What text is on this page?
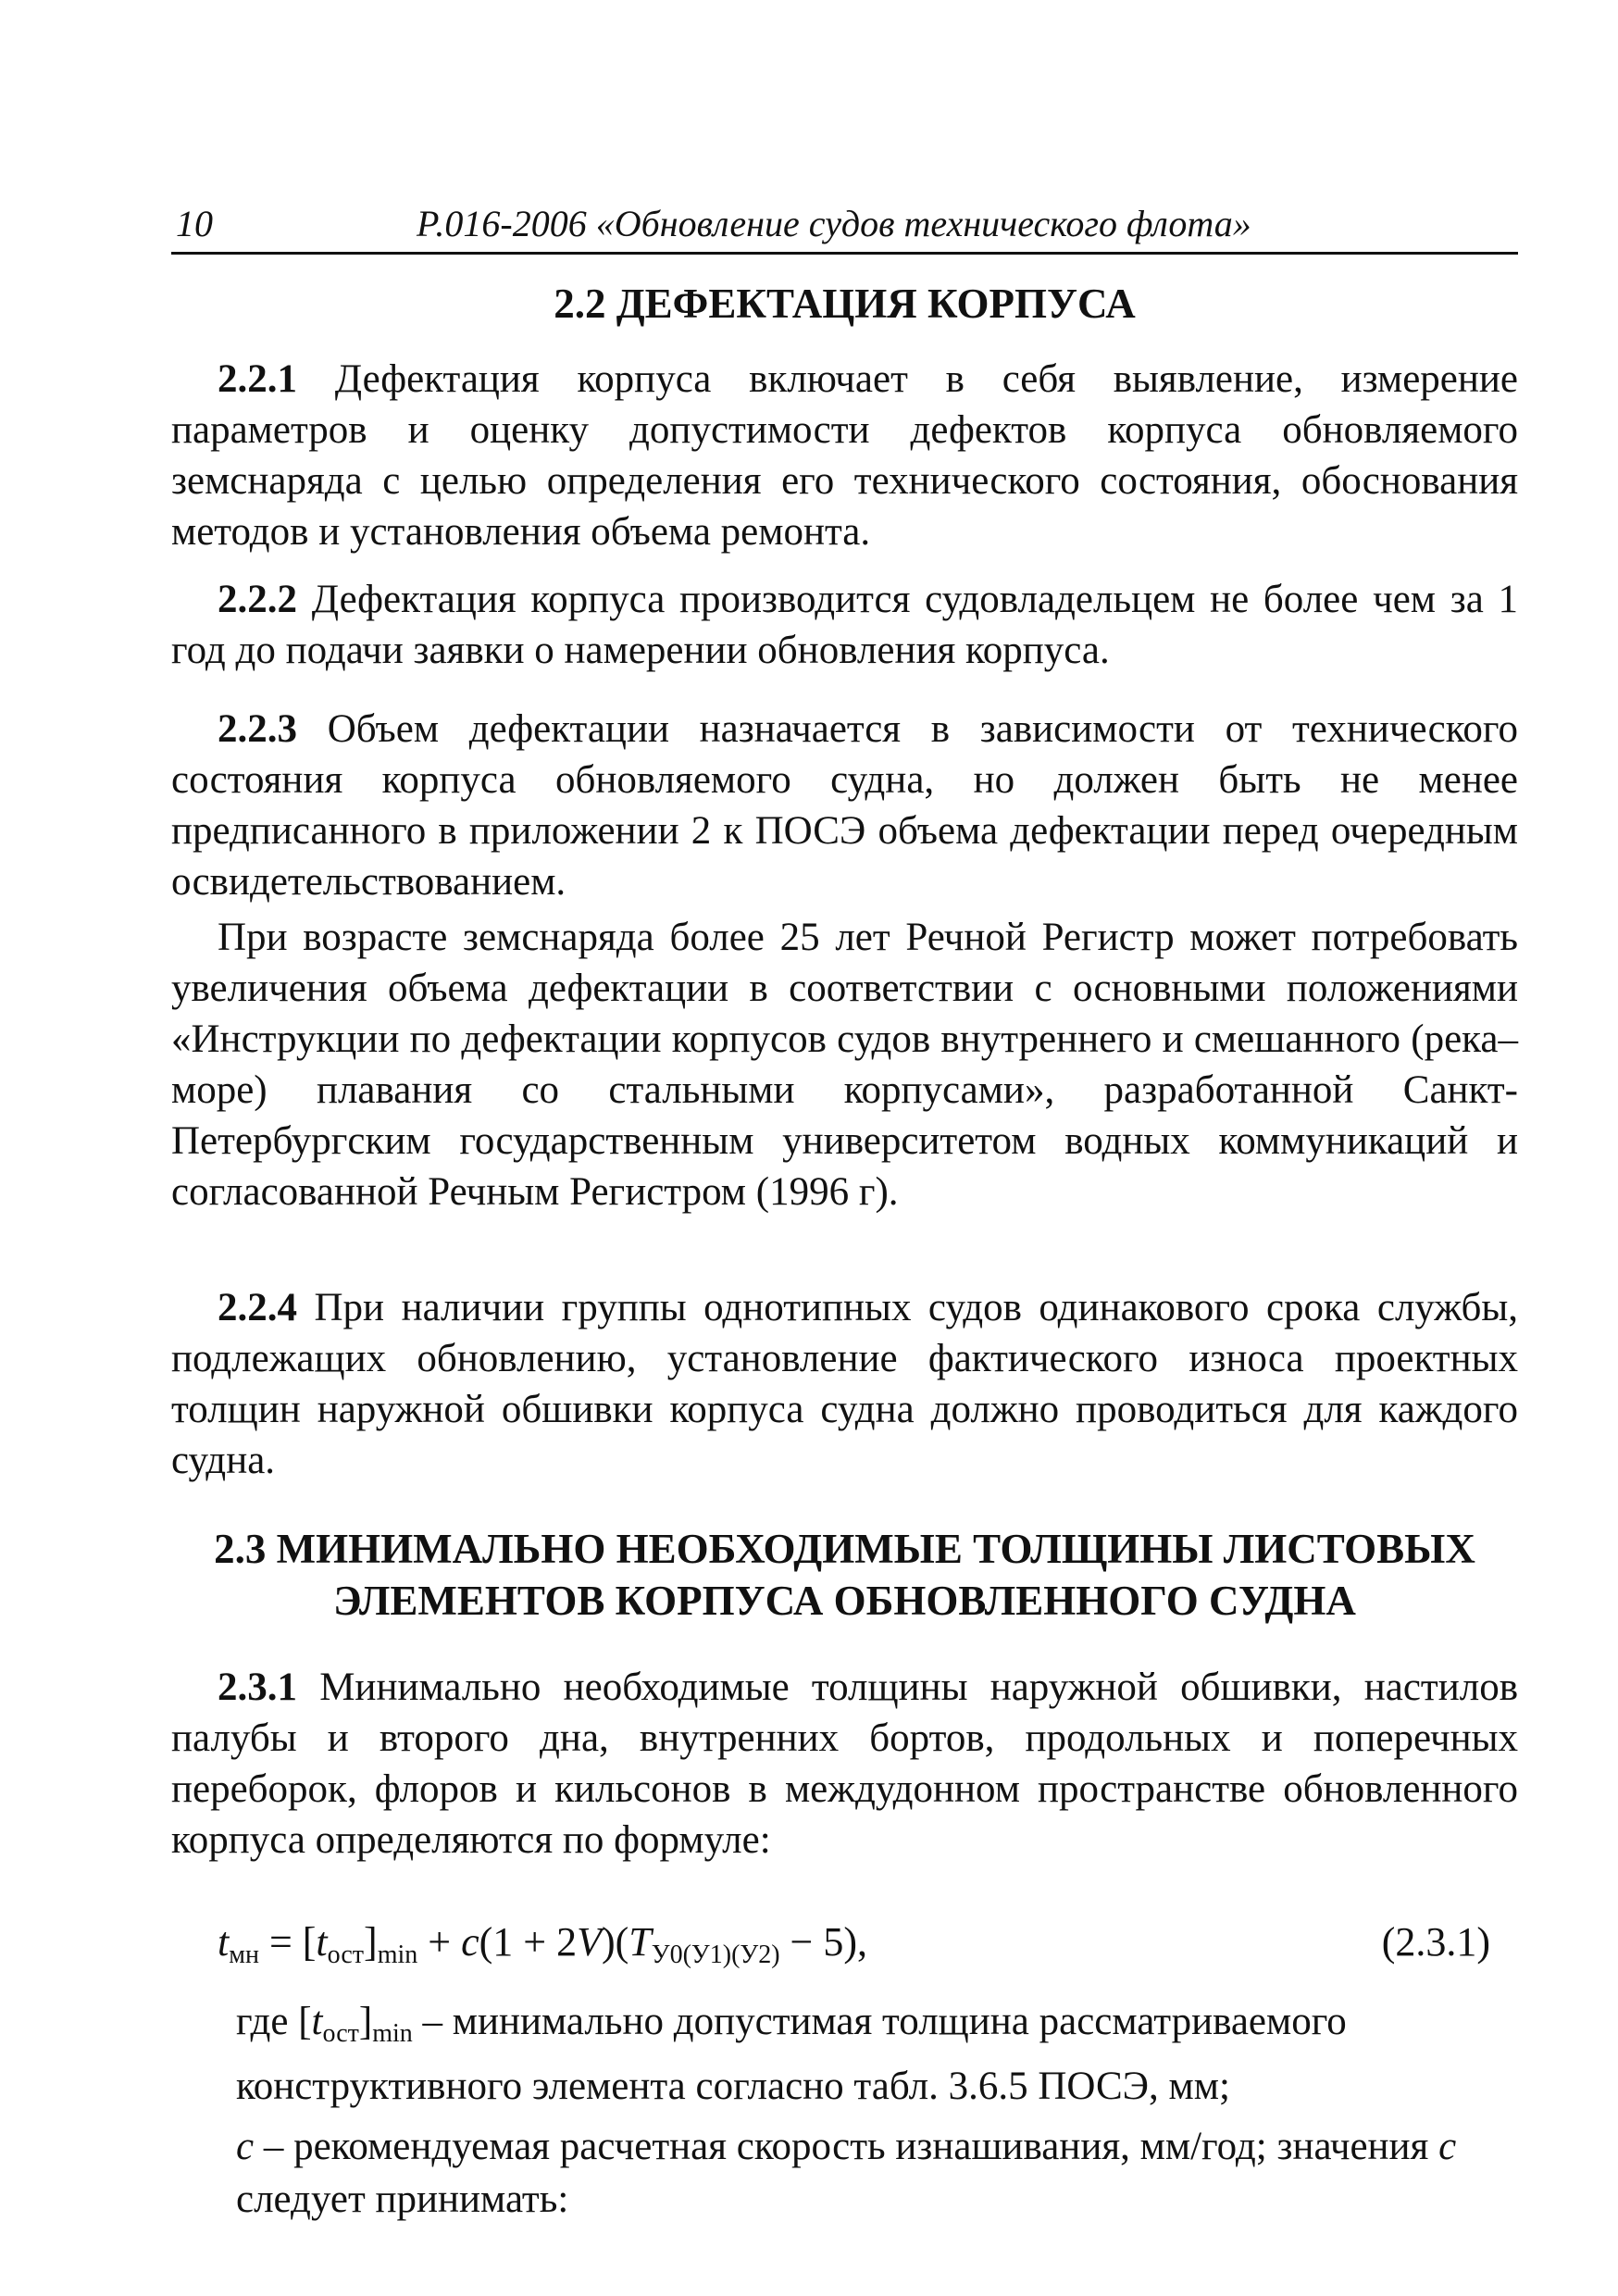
10	Р.016-2006 «Обновление судов технического флота»
2.2 ДЕФЕКТАЦИЯ КОРПУСА

2.2.1 Дефектация корпуса включает в себя выявление, измерение параметров и оценку допустимости дефектов корпуса обновляемого земснаряда с целью определения его технического состояния, обоснования методов и установления объема ремонта.

2.2.2 Дефектация корпуса производится судовладельцем не более чем за 1 год до подачи заявки о намерении обновления корпуса.

2.2.3 Объем дефектации назначается в зависимости от технического состояния корпуса обновляемого судна, но должен быть не менее предписанного в приложении 2 к ПОСЭ объема дефектации перед очередным освидетельствованием.

При возрасте земснаряда более 25 лет Речной Регистр может потребовать увеличения объема дефектации в соответствии с основными положениями «Инструкции по дефектации корпусов судов внутреннего и смешанного (река–море) плавания со стальными корпусами», разработанной Санкт-Петербургским государственным университетом водных коммуникаций и согласованной Речным Регистром (1996 г).

2.2.4 При наличии группы однотипных судов одинакового срока службы, подлежащих обновлению, установление фактического износа проектных толщин наружной обшивки корпуса судна должно проводиться для каждого судна.

2.3 МИНИМАЛЬНО НЕОБХОДИМЫЕ ТОЛЩИНЫ ЛИСТОВЫХ
ЭЛЕМЕНТОВ КОРПУСА ОБНОВЛЕННОГО СУДНА

2.3.1 Минимально необходимые толщины наружной обшивки, настилов палубы и второго дна, внутренних бортов, продольных и поперечных переборок, флоров и кильсонов в междудонном пространстве обновленного корпуса определяются по формуле:

$t_{мн} = [t_{ост}]_{min} + c(1 + 2V)(T_{У0(У1)(У2)} - 5)$,	(2.3.1)
где $[t_{ост}]_{min}$ – минимально допустимая толщина рассматриваемого конструктивного элемента согласно табл. 3.6.5 ПОСЭ, мм;
с – рекомендуемая расчетная скорость изнашивания, мм/год; значения с следует принимать:
